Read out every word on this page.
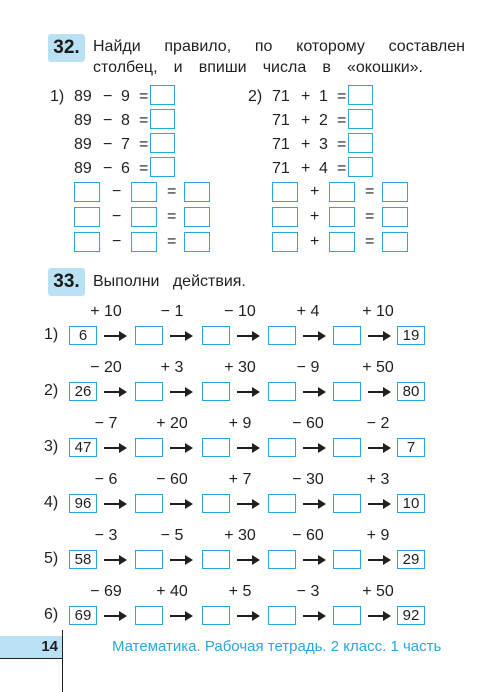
32. Найди правило, по которому составлен
столбец, и впиши числа в «окошки».
1) 89 − 9 =
89 − 8 =
89 − 7 =
89 − 6 =
−	=
−	=
−	=
2) 71 + 1 =
71 + 2 =
71 + 3 =
71 + 4 =
+	=
+	=
+	=
33. Выполни   действия.
+ 10	− 1	− 10	+ 4	+ 10
1)	6	19
− 20	+ 3	+ 30	− 9	+ 50
2)	26	80
− 7	+ 20	+ 9	− 60	− 2
3)	47	7
− 6	− 60	+ 7	− 30	+ 3
4)	96	10
− 3	− 5	+ 30	− 60	+ 9
5)	58	29
− 69	+ 40	+ 5	− 3	+ 50
6)	69	92
14	Математика. Рабочая тетрадь. 2 класс. 1 часть
